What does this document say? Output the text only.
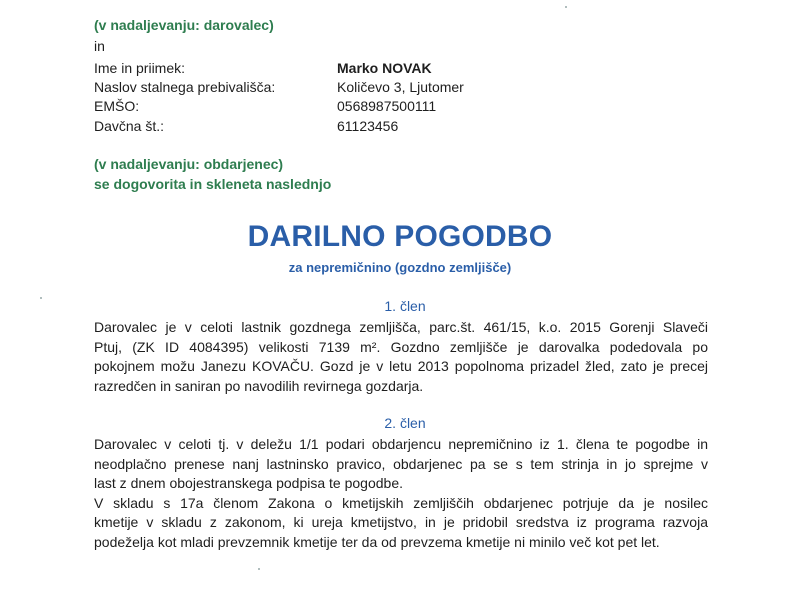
(v nadaljevanju: darovalec)
in
Ime in priimek:	Marko NOVAK
Naslov stalnega prebivališča:	Količevo 3, Ljutomer
EMŠO:	0568987500111
Davčna št.:	61123456
(v nadaljevanju: obdarjenec)
se dogovorita in skleneta naslednjo
DARILNO POGODBO
za nepremičnino (gozdno zemljišče)
1. člen
Darovalec je v celoti lastnik gozdnega zemljišča, parc.št. 461/15, k.o. 2015 Gorenji Slaveči
Ptuj, (ZK ID 4084395) velikosti 7139 m². Gozdno zemljišče je darovalka podedovala po
pokojnem možu Janezu KOVAČU. Gozd je v letu 2013 popolnoma prizadel žled, zato je precej
razredčen in saniran po navodilih revirnega gozdarja.
2. člen
Darovalec v celoti tj. v deležu 1/1 podari obdarjencu nepremičnino iz 1. člena te pogodbe in
neodplačno prenese nanj lastninsko pravico, obdarjenec pa se s tem strinja in jo sprejme v
last z dnem obojestranskega podpisa te pogodbe.
V skladu s 17a členom Zakona o kmetijskih zemljiščih obdarjenec potrjuje da je nosilec
kmetije v skladu z zakonom, ki ureja kmetijstvo, in je pridobil sredstva iz programa razvoja
podeželja kot mladi prevzemnik kmetije ter da od prevzema kmetije ni minilo več kot pet let.
